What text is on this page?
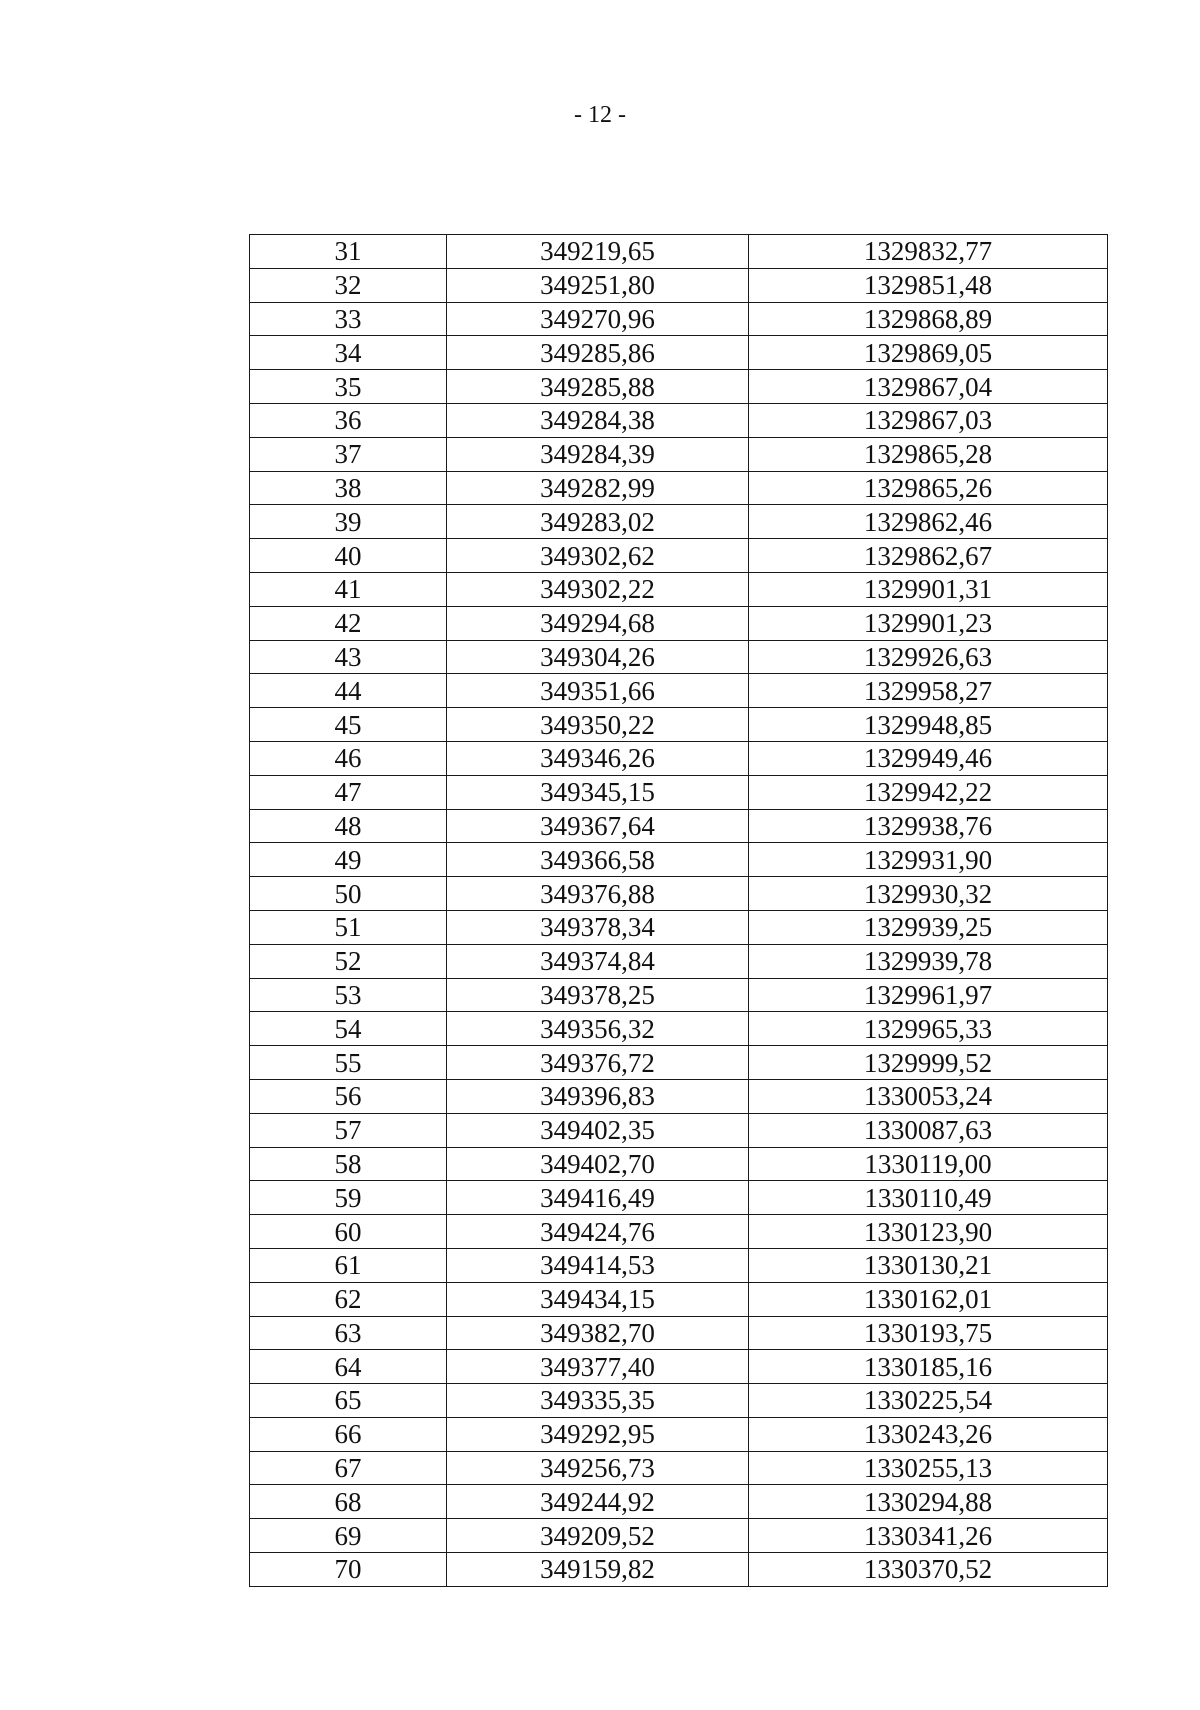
- 12 -
31	349219,65	1329832,77
32	349251,80	1329851,48
33	349270,96	1329868,89
34	349285,86	1329869,05
35	349285,88	1329867,04
36	349284,38	1329867,03
37	349284,39	1329865,28
38	349282,99	1329865,26
39	349283,02	1329862,46
40	349302,62	1329862,67
41	349302,22	1329901,31
42	349294,68	1329901,23
43	349304,26	1329926,63
44	349351,66	1329958,27
45	349350,22	1329948,85
46	349346,26	1329949,46
47	349345,15	1329942,22
48	349367,64	1329938,76
49	349366,58	1329931,90
50	349376,88	1329930,32
51	349378,34	1329939,25
52	349374,84	1329939,78
53	349378,25	1329961,97
54	349356,32	1329965,33
55	349376,72	1329999,52
56	349396,83	1330053,24
57	349402,35	1330087,63
58	349402,70	1330119,00
59	349416,49	1330110,49
60	349424,76	1330123,90
61	349414,53	1330130,21
62	349434,15	1330162,01
63	349382,70	1330193,75
64	349377,40	1330185,16
65	349335,35	1330225,54
66	349292,95	1330243,26
67	349256,73	1330255,13
68	349244,92	1330294,88
69	349209,52	1330341,26
70	349159,82	1330370,52
